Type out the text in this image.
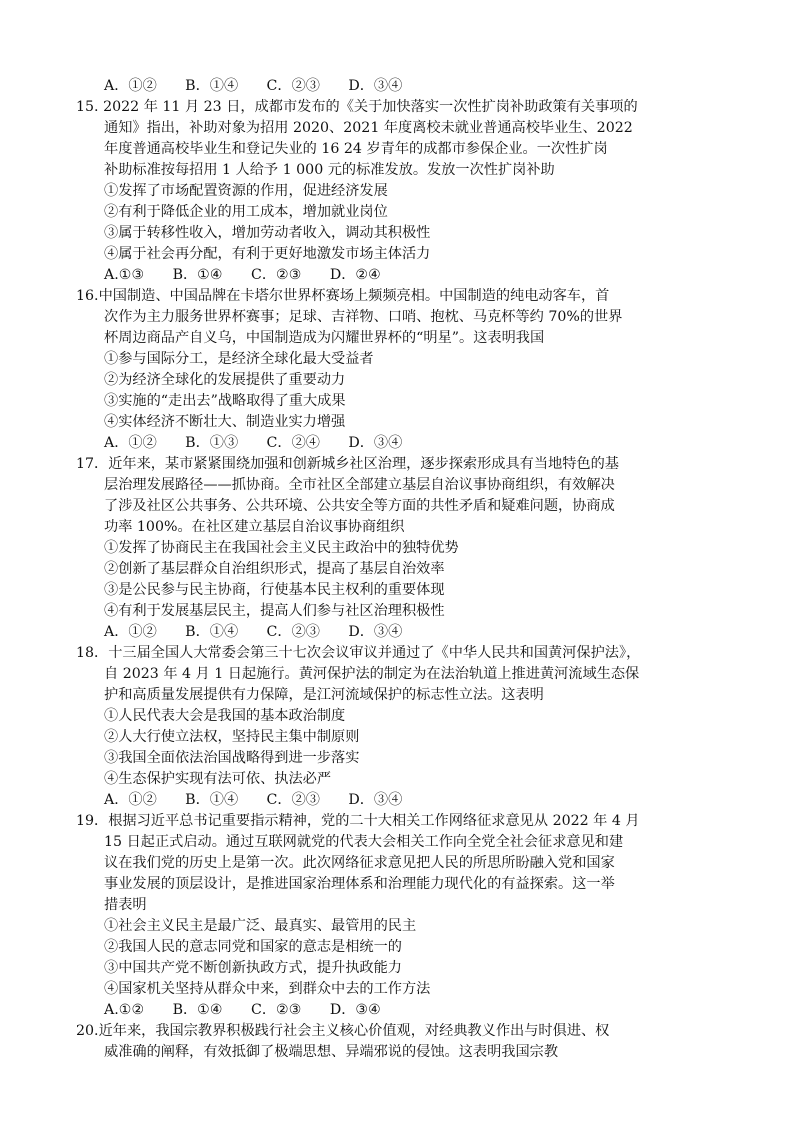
A．①②　　B．①④　　C．②③　　D．③④
15. 2022 年 11 月 23 日，成都市发布的《关于加快落实一次性扩岗补助政策有关事项的
通知》指出，补助对象为招用 2020、2021 年度离校未就业普通高校毕业生、2022
年度普通高校毕业生和登记失业的 16 24 岁青年的成都市参保企业。一次性扩岗
补助标准按每招用 1 人给予 1 000 元的标准发放。发放一次性扩岗补助
①发挥了市场配置资源的作用，促进经济发展
②有利于降低企业的用工成本，增加就业岗位
③属于转移性收入，增加劳动者收入，调动其积极性
④属于社会再分配，有利于更好地激发市场主体活力
A.①③　　B．①④　　C．②③　　D．②④
16.中国制造、中国品牌在卡塔尔世界杯赛场上频频亮相。中国制造的纯电动客车，首
次作为主力服务世界杯赛事；足球、吉祥物、口哨、抱枕、马克杯等约 70%的世界
杯周边商品产自义乌，中国制造成为闪耀世界杯的“明星”。这表明我国
①参与国际分工，是经济全球化最大受益者
②为经济全球化的发展提供了重要动力
③实施的“走出去”战略取得了重大成果
④实体经济不断壮大、制造业实力增强
A．①②　　B．①③　　C．②④　　D．③④
17．近年来，某市紧紧围绕加强和创新城乡社区治理，逐步探索形成具有当地特色的基
层治理发展路径——抓协商。全市社区全部建立基层自治议事协商组织，有效解决
了涉及社区公共事务、公共环境、公共安全等方面的共性矛盾和疑难问题，协商成
功率 100%。在社区建立基层自治议事协商组织
①发挥了协商民主在我国社会主义民主政治中的独特优势
②创新了基层群众自治组织形式，提高了基层自治效率
③是公民参与民主协商，行使基本民主权利的重要体现
④有利于发展基层民主，提高人们参与社区治理积极性
A．①②　　B．①④　　C．②③　　D．③④
18．十三届全国人大常委会第三十七次会议审议并通过了《中华人民共和国黄河保护法》，
自 2023 年 4 月 1 日起施行。黄河保护法的制定为在法治轨道上推进黄河流域生态保
护和高质量发展提供有力保障，是江河流域保护的标志性立法。这表明
①人民代表大会是我国的基本政治制度
②人大行使立法权，坚持民主集中制原则
③我国全面依法治国战略得到进一步落实
④生态保护实现有法可依、执法必严
A．①②　　B．①④　　C．②③　　D．③④
19．根据习近平总书记重要指示精神，党的二十大相关工作网络征求意见从 2022 年 4 月
15 日起正式启动。通过互联网就党的代表大会相关工作向全党全社会征求意见和建
议在我们党的历史上是第一次。此次网络征求意见把人民的所思所盼融入党和国家
事业发展的顶层设计，是推进国家治理体系和治理能力现代化的有益探索。这一举
措表明
①社会主义民主是最广泛、最真实、最管用的民主
②我国人民的意志同党和国家的意志是相统一的
③中国共产党不断创新执政方式，提升执政能力
④国家机关坚持从群众中来，到群众中去的工作方法
A.①②　　B．①④　　C．②③　　D．③④
20.近年来，我国宗教界积极践行社会主义核心价值观，对经典教义作出与时俱进、权
威准确的阐释，有效抵御了极端思想、异端邪说的侵蚀。这表明我国宗教
